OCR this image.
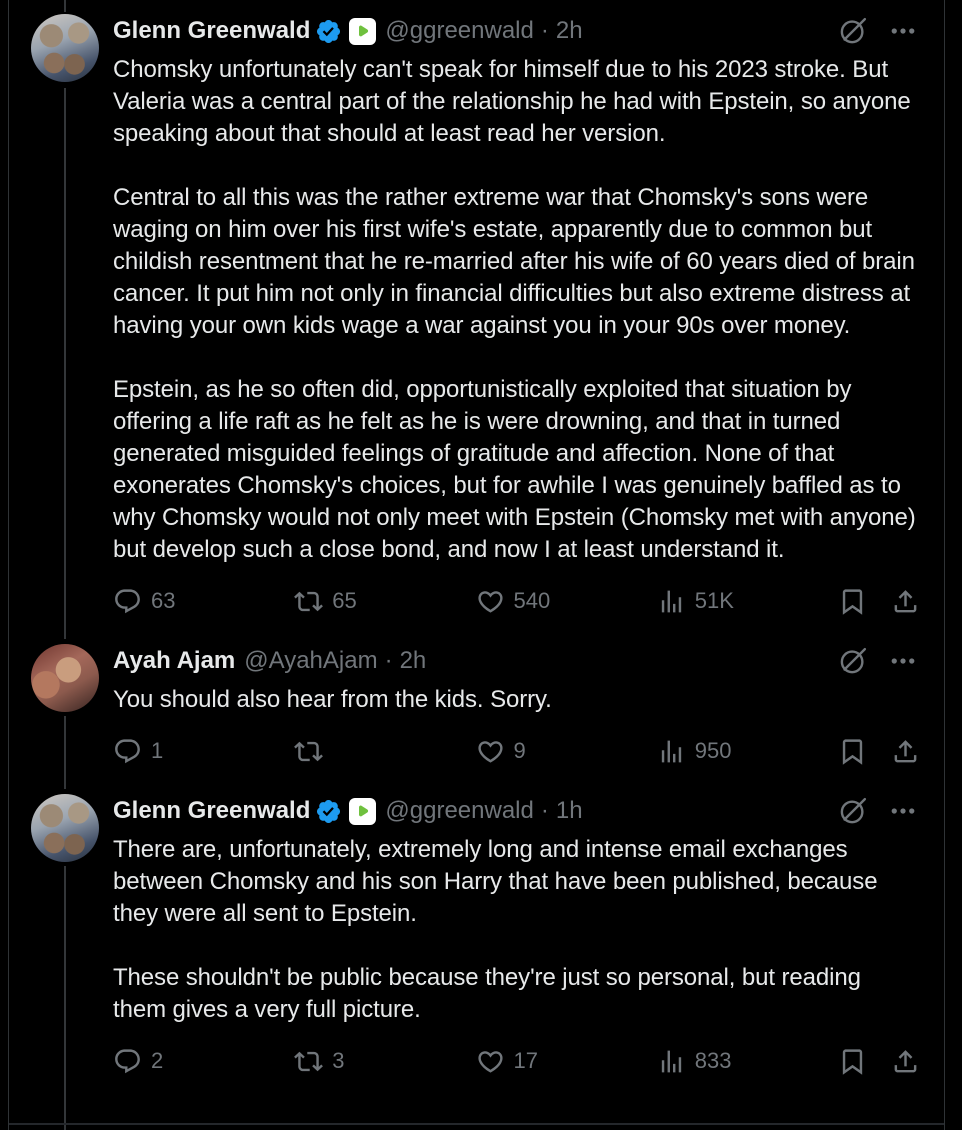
Glenn Greenwald	@ggreenwald · 2h

Chomsky unfortunately can't speak for himself due to his 2023 stroke. But Valeria was a central part of the relationship he had with Epstein, so anyone speaking about that should at least read her version.

Central to all this was the rather extreme war that Chomsky's sons were waging on him over his first wife's estate, apparently due to common but childish resentment that he re-married after his wife of 60 years died of brain cancer. It put him not only in financial difficulties but also extreme distress at having your own kids wage a war against you in your 90s over money.

Epstein, as he so often did, opportunistically exploited that situation by offering a life raft as he felt as he is were drowning, and that in turned generated misguided feelings of gratitude and affection. None of that exonerates Chomsky's choices, but for awhile I was genuinely baffled as to why Chomsky would not only meet with Epstein (Chomsky met with anyone) but develop such a close bond, and now I at least understand it.

63	65	540	51K
Ayah Ajam @AyahAjam · 2h

You should also hear from the kids. Sorry.

1	9	950
Glenn Greenwald	@ggreenwald · 1h

There are, unfortunately, extremely long and intense email exchanges between Chomsky and his son Harry that have been published, because they were all sent to Epstein.

These shouldn't be public because they're just so personal, but reading them gives a very full picture.

2	3	17	833
